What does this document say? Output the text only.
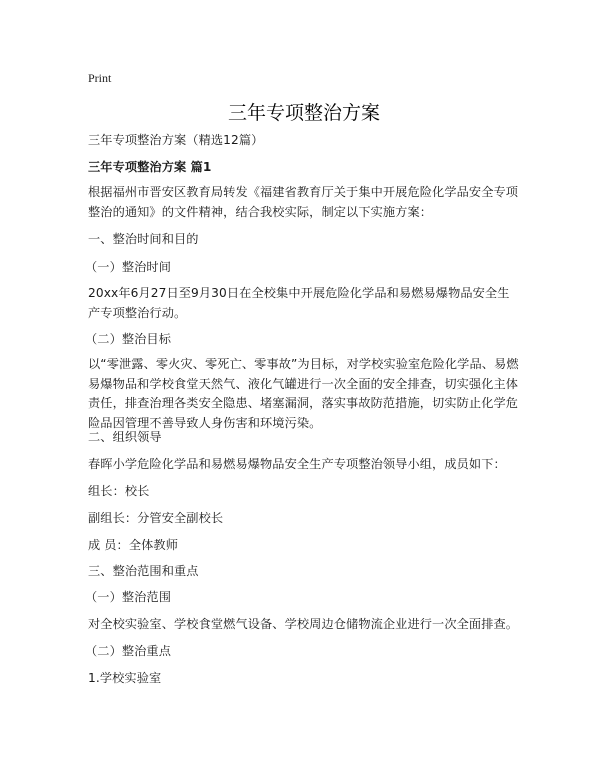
Print
三年专项整治方案

三年专项整治方案（精选12篇）

三年专项整治方案 篇1

根据福州市晋安区教育局转发《福建省教育厅关于集中开展危险化学品安全专项整治的通知》的文件精神，结合我校实际，制定以下实施方案：

一、整治时间和目的

（一）整治时间

20xx年6月27日至9月30日在全校集中开展危险化学品和易燃易爆物品安全生产专项整治行动。

（二）整治目标

以“零泄露、零火灾、零死亡、零事故”为目标，对学校实验室危险化学品、易燃易爆物品和学校食堂天然气、液化气罐进行一次全面的安全排查，切实强化主体责任，排查治理各类安全隐患、堵塞漏洞，落实事故防范措施，切实防止化学危险品因管理不善导致人身伤害和环境污染。

二、组织领导

春晖小学危险化学品和易燃易爆物品安全生产专项整治领导小组，成员如下：

组长：校长

副组长：分管安全副校长

成 员：全体教师

三、整治范围和重点

（一）整治范围

对全校实验室、学校食堂燃气设备、学校周边仓储物流企业进行一次全面排查。

（二）整治重点

1.学校实验室
